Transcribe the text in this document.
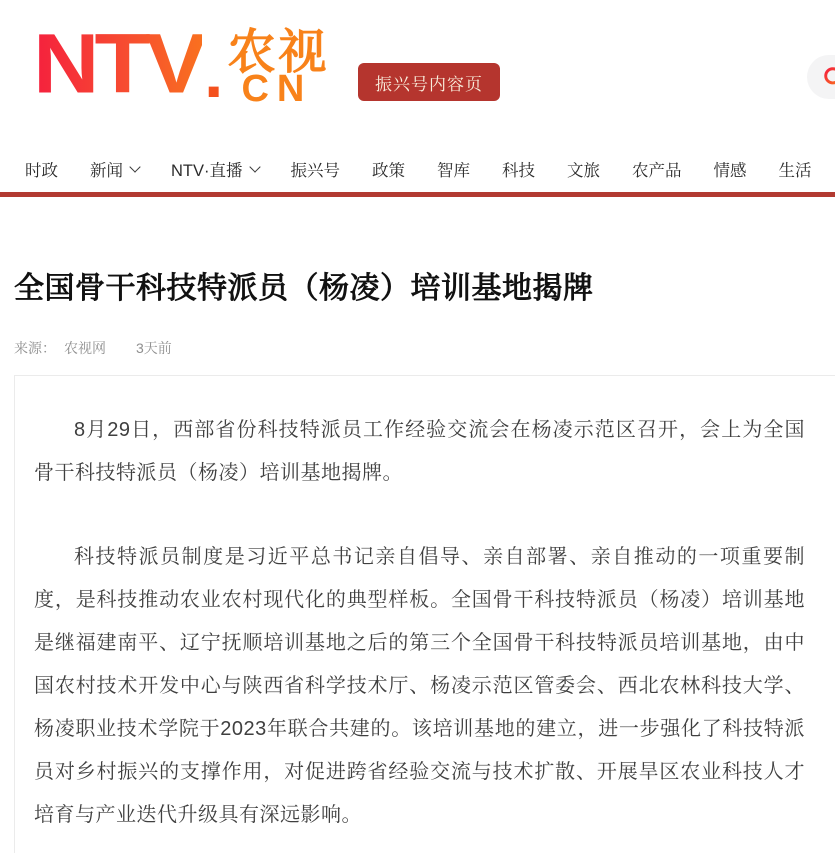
NTV . 农视
CN	振兴号内容页
时政 新闻	NTV·直播	振兴号 政策 智库 科技 文旅 农产品 情感 生活
全国骨干科技特派员（杨凌）培训基地揭牌
来源： 农视网 3天前

8月29日，西部省份科技特派员工作经验交流会在杨凌示范区召开，会上为全国骨干科技特派员（杨凌）培训基地揭牌。

科技特派员制度是习近平总书记亲自倡导、亲自部署、亲自推动的一项重要制度，是科技推动农业农村现代化的典型样板。全国骨干科技特派员（杨凌）培训基地是继福建南平、辽宁抚顺培训基地之后的第三个全国骨干科技特派员培训基地，由中国农村技术开发中心与陕西省科学技术厅、杨凌示范区管委会、西北农林科技大学、杨凌职业技术学院于2023年联合共建的。该培训基地的建立，进一步强化了科技特派员对乡村振兴的支撑作用，对促进跨省经验交流与技术扩散、开展旱区农业科技人才培育与产业迭代升级具有深远影响。
